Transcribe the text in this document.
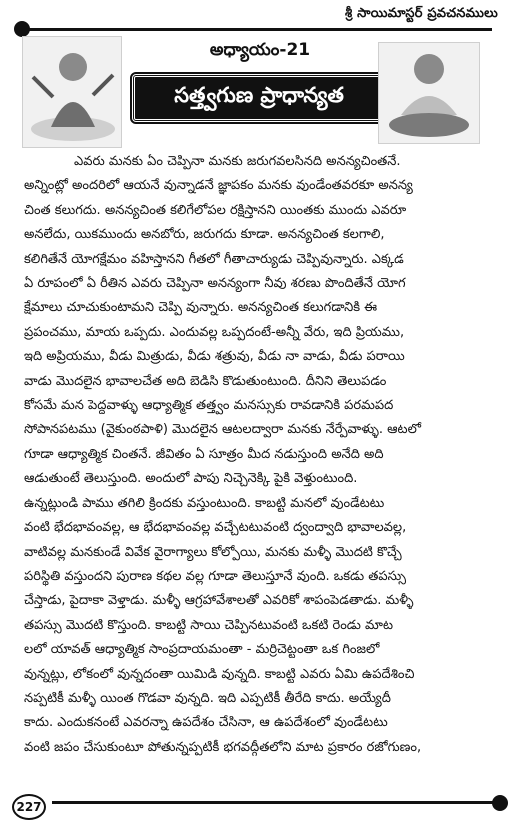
శ్రీ సాయిమాస్టర్ ప్రవచనములు
అధ్యాయం-21
సత్త్వగుణ ప్రాధాన్యత
ఎవరు మనకు ఏం చెప్పినా మనకు జరుగవలసినది అనన్యచింతనే.
అన్నింట్లో అందరిలో ఆయనే వున్నాడనే జ్ఞాపకం మనకు వుండేంతవరకూ అనన్య
చింత కలుగదు. అనన్యచింత కలిగేలోపల రక్షిస్తానని యింతకు ముందు ఎవరూ
అనలేదు, యికముందు అనబోరు, జరుగదు కూడా. అనన్యచింత కలగాలి,
కలిగితేనే యోగక్షేమం వహిస్తానని గీతలో గీతాచార్యుడు చెప్పివున్నారు. ఎక్కడ
ఏ రూపంలో ఏ రీతిన ఎవరు చెప్పినా అనన్యంగా నీవు శరణు పొందితేనే యోగ
క్షేమాలు చూచుకుంటామని చెప్పి వున్నారు. అనన్యచింత కలుగడానికి ఈ
ప్రపంచము, మాయ ఒప్పదు. ఎందువల్ల ఒప్పదంటే-అన్నీ వేరు, ఇది ప్రియము,
ఇది అప్రియము, వీడు మిత్రుడు, వీడు శత్రువు, వీడు నా వాడు, వీడు పరాయి
వాడు మొదలైన భావాలచేత అది బెడిసి కొడుతుంటుంది. దీనిని తెలుపడం
కోసమే మన పెద్దవాళ్ళు ఆధ్యాత్మిక తత్త్వం మనస్సుకు రావడానికి పరమపద
సోపానపటము (వైకుంఠపాళి) మొదలైన ఆటలద్వారా మనకు నేర్పేవాళ్ళు. ఆటలో
గూడా ఆధ్యాత్మిక చింతనే. జీవితం ఏ సూత్రం మీద నడుస్తుంది అనేది అది
ఆడుతుంటే తెలుస్తుంది. అందులో పాపు నిచ్చెనెక్కి పైకి వెళ్తుంటుంది.
ఉన్నట్లుండి పాము తగిలి క్రిందకు వస్తుంటుంది. కాబట్టి మనలో వుండేటటు
వంటి భేదభావంవల్ల, ఆ భేదభావంవల్ల వచ్చేటటువంటి ద్వంద్వాది భావాలవల్ల,
వాటివల్ల మనకుండే వివేక వైరాగ్యాలు కోల్పోయి, మనకు మళ్ళీ మొదటి కొచ్చే
పరిస్థితి వస్తుందని పురాణ కథల వల్ల గూడా తెలుస్తూనే వుంది. ఒకడు తపస్సు
చేస్తాడు, పైదాకా వెళ్తాడు. మళ్ళీ ఆగ్రహావేశాలతో ఎవరికో శాపంపెడతాడు. మళ్ళీ
తపస్సు మొదటి కొస్తుంది. కాబట్టి సాయి చెప్పినటువంటి ఒకటి రెండు మాట
లలో యావత్ ఆధ్యాత్మిక సాంప్రదాయమంతా - మర్రిచెట్టంతా ఒక గింజలో
వున్నట్లు, లోకంలో వున్నదంతా యిమిడి వున్నది. కాబట్టి ఎవరు ఏమి ఉపదేశించి
నప్పటికీ మళ్ళీ యింత గొడవా వున్నది. ఇది ఎప్పటికీ తీరేది కాదు. అయ్యేదీ
కాదు. ఎందుకనంటే ఎవరన్నా ఉపదేశం చేసినా, ఆ ఉపదేశంలో వుండేటటు
వంటి జపం చేసుకుంటూ పోతున్నప్పటికీ భగవద్గీతలోని మాట ప్రకారం రజోగుణం,
227
